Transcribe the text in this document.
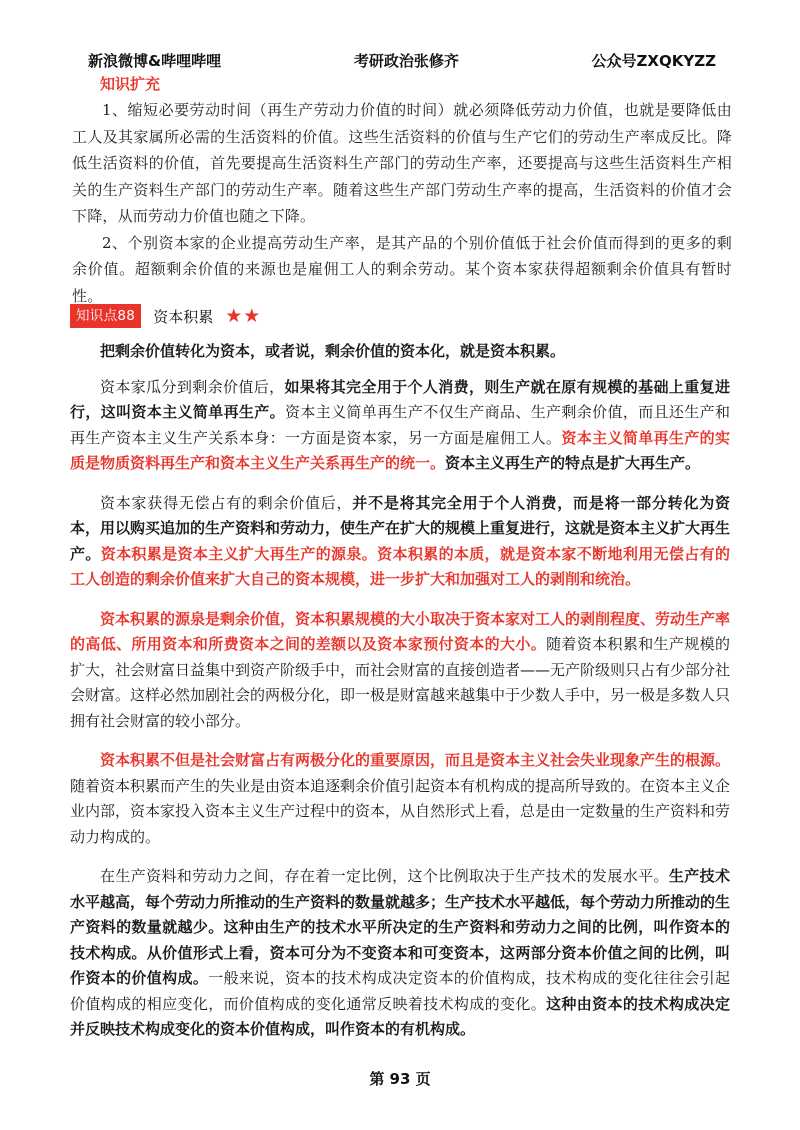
新浪微博&哔哩哔哩	考研政治张修齐	公众号ZXQKYZZ
知识扩充

1、缩短必要劳动时间（再生产劳动力价值的时间）就必须降低劳动力价值，也就是要降低由工人及其家属所必需的生活资料的价值。这些生活资料的价值与生产它们的劳动生产率成反比。降低生活资料的价值，首先要提高生活资料生产部门的劳动生产率，还要提高与这些生活资料生产相关的生产资料生产部门的劳动生产率。随着这些生产部门劳动生产率的提高，生活资料的价值才会下降，从而劳动力价值也随之下降。

2、个别资本家的企业提高劳动生产率，是其产品的个别价值低于社会价值而得到的更多的剩余价值。超额剩余价值的来源也是雇佣工人的剩余劳动。某个资本家获得超额剩余价值具有暂时性。

知识点88	资本积累 ★★

把剩余价值转化为资本，或者说，剩余价值的资本化，就是资本积累。

资本家瓜分到剩余价值后，如果将其完全用于个人消费，则生产就在原有规模的基础上重复进行，这叫资本主义简单再生产。资本主义简单再生产不仅生产商品、生产剩余价值，而且还生产和再生产资本主义生产关系本身：一方面是资本家，另一方面是雇佣工人。资本主义简单再生产的实质是物质资料再生产和资本主义生产关系再生产的统一。资本主义再生产的特点是扩大再生产。

资本家获得无偿占有的剩余价值后，并不是将其完全用于个人消费，而是将一部分转化为资本，用以购买追加的生产资料和劳动力，使生产在扩大的规模上重复进行，这就是资本主义扩大再生产。资本积累是资本主义扩大再生产的源泉。资本积累的本质，就是资本家不断地利用无偿占有的工人创造的剩余价值来扩大自己的资本规模，进一步扩大和加强对工人的剥削和统治。

资本积累的源泉是剩余价值，资本积累规模的大小取决于资本家对工人的剥削程度、劳动生产率的高低、所用资本和所费资本之间的差额以及资本家预付资本的大小。随着资本积累和生产规模的扩大，社会财富日益集中到资产阶级手中，而社会财富的直接创造者——无产阶级则只占有少部分社会财富。这样必然加剧社会的两极分化，即一极是财富越来越集中于少数人手中，另一极是多数人只拥有社会财富的较小部分。

资本积累不但是社会财富占有两极分化的重要原因，而且是资本主义社会失业现象产生的根源。随着资本积累而产生的失业是由资本追逐剩余价值引起资本有机构成的提高所导致的。在资本主义企业内部，资本家投入资本主义生产过程中的资本，从自然形式上看，总是由一定数量的生产资料和劳动力构成的。

在生产资料和劳动力之间，存在着一定比例，这个比例取决于生产技术的发展水平。生产技术水平越高，每个劳动力所推动的生产资料的数量就越多；生产技术水平越低，每个劳动力所推动的生产资料的数量就越少。这种由生产的技术水平所决定的生产资料和劳动力之间的比例，叫作资本的技术构成。从价值形式上看，资本可分为不变资本和可变资本，这两部分资本价值之间的比例，叫作资本的价值构成。一般来说，资本的技术构成决定资本的价值构成，技术构成的变化往往会引起价值构成的相应变化，而价值构成的变化通常反映着技术构成的变化。这种由资本的技术构成决定并反映技术构成变化的资本价值构成，叫作资本的有机构成。

第 93 页
